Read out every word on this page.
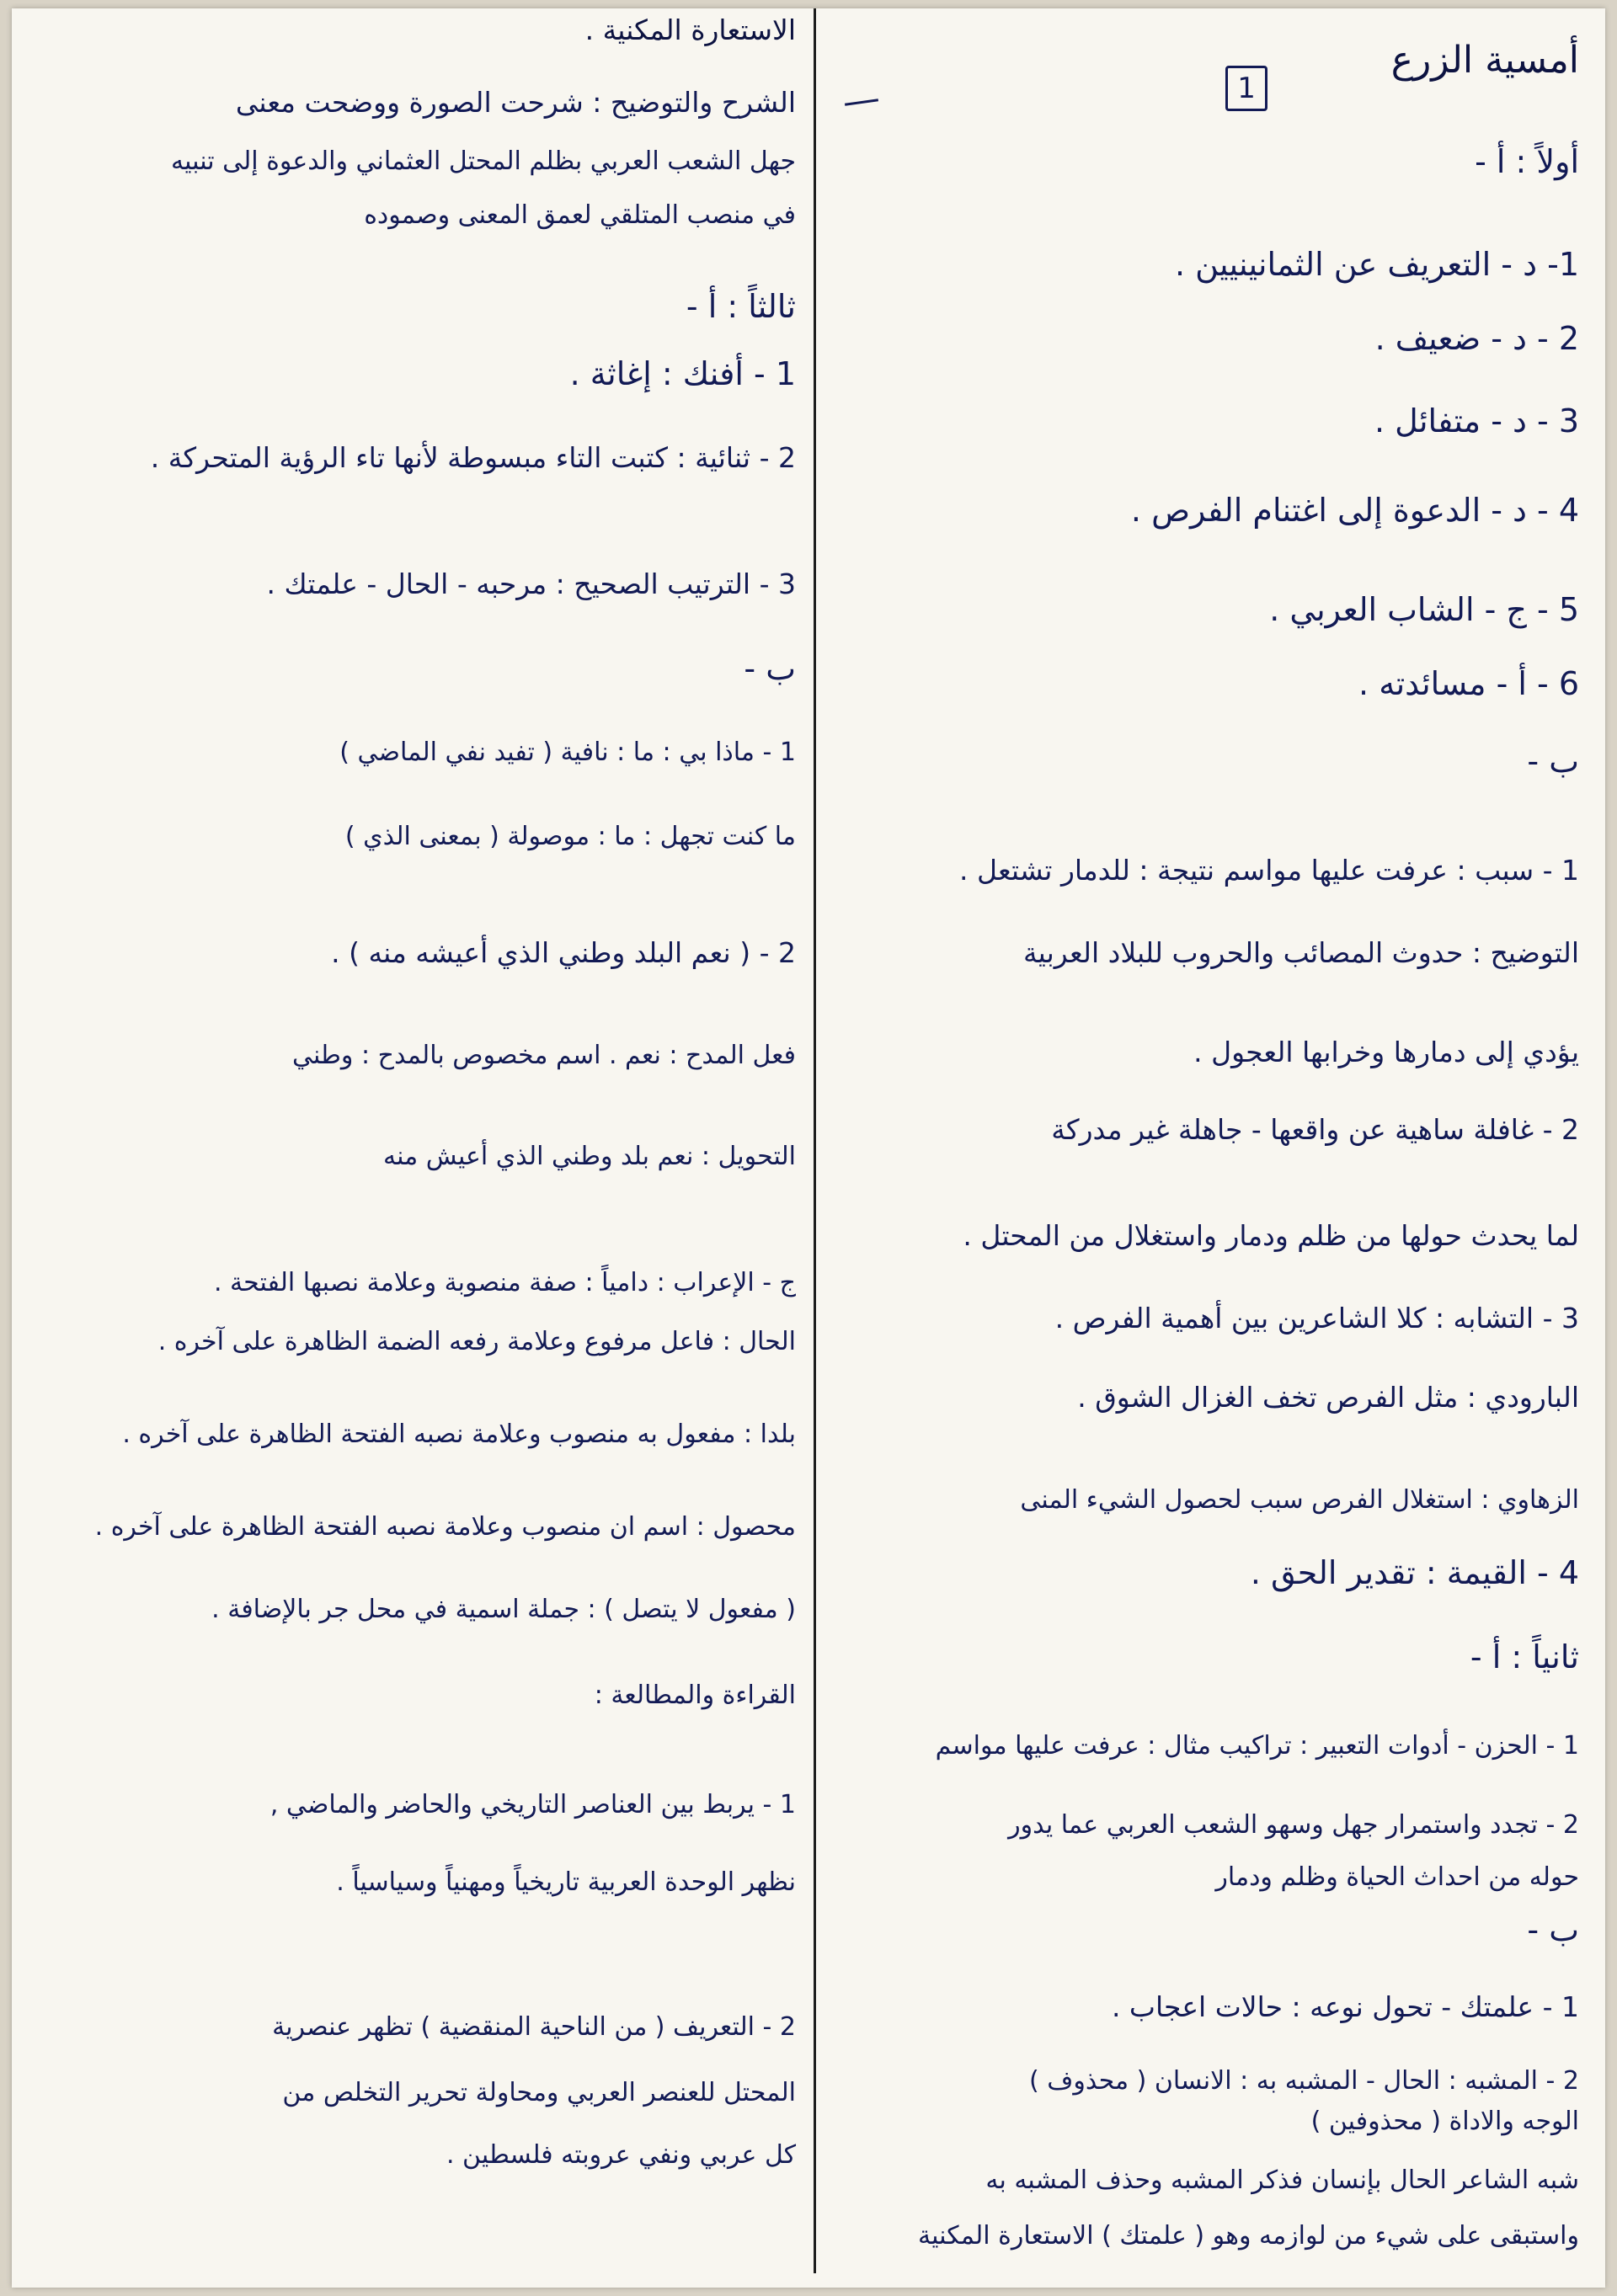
أمسية الزرع
1
أولاً : أ -
1- د - التعريف عن الثمانينيين .
2 - د - ضعيف .
3 - د - متفائل .
4 - د - الدعوة إلى اغتنام الفرص .
5 - ج - الشاب العربي .
6 - أ - مسائدته .
ب -
1 - سبب : عرفت عليها مواسم نتيجة : للدمار تشتعل .
التوضيح : حدوث المصائب والحروب للبلاد العربية
يؤدي إلى دمارها وخرابها العجول .
2 - غافلة ساهية عن واقعها - جاهلة غير مدركة
لما يحدث حولها من ظلم ودمار واستغلال من المحتل .
3 - التشابه : كلا الشاعرين بين أهمية الفرص .
البارودي : مثل الفرص تخف الغزال الشوق .
الزهاوي : استغلال الفرص سبب لحصول الشيء المنى
4 - القيمة : تقدير الحق .
ثانياً : أ -
1 - الحزن - أدوات التعبير : تراكيب مثال : عرفت عليها مواسم
2 - تجدد واستمرار جهل وسهو الشعب العربي عما يدور
حوله من احداث الحياة وظلم ودمار
ب -
1 - علمتك - تحول نوعه : حالات اعجاب .
2 - المشبه : الحال - المشبه به : الانسان ( محذوف )
الوجه والاداة ( محذوفين )
شبه الشاعر الحال بإنسان فذكر المشبه وحذف المشبه به
واستبقى على شيء من لوازمه وهو ( علمتك ) الاستعارة المكنية
الاستعارة المكنية .
الشرح والتوضيح : شرحت الصورة ووضحت معنى
جهل الشعب العربي بظلم المحتل العثماني والدعوة إلى تنبيه
في منصب المتلقي لعمق المعنى وصموده
ثالثاً : أ -
1 - أفنك : إغاثة .
2 - ثنائية : كتبت التاء مبسوطة لأنها تاء الرؤية المتحركة .
3 - الترتيب الصحيح : مرحبه - الحال - علمتك .
ب -
1 - ماذا بي : ما : نافية ( تفيد نفي الماضي )
ما كنت تجهل : ما : موصولة ( بمعنى الذي )
2 - ( نعم البلد وطني الذي أعيشه منه ) .
فعل المدح : نعم . اسم مخصوص بالمدح : وطني
التحويل : نعم بلد وطني الذي أعيش منه
ج - الإعراب : دامياً : صفة منصوبة وعلامة نصبها الفتحة .
الحال : فاعل مرفوع وعلامة رفعه الضمة الظاهرة على آخره .
بلدا : مفعول به منصوب وعلامة نصبه الفتحة الظاهرة على آخره .
محصول : اسم ان منصوب وعلامة نصبه الفتحة الظاهرة على آخره .
( مفعول لا يتصل ) : جملة اسمية في محل جر بالإضافة .
القراءة والمطالعة :
1 - يربط بين العناصر التاريخي والحاضر والماضي ,
نظهر الوحدة العربية تاريخياً ومهنياً وسياسياً .
2 - التعريف ( من الناحية المنقضية ) تظهر عنصرية
المحتل للعنصر العربي ومحاولة تحرير التخلص من
كل عربي ونفي عروبته فلسطين .
